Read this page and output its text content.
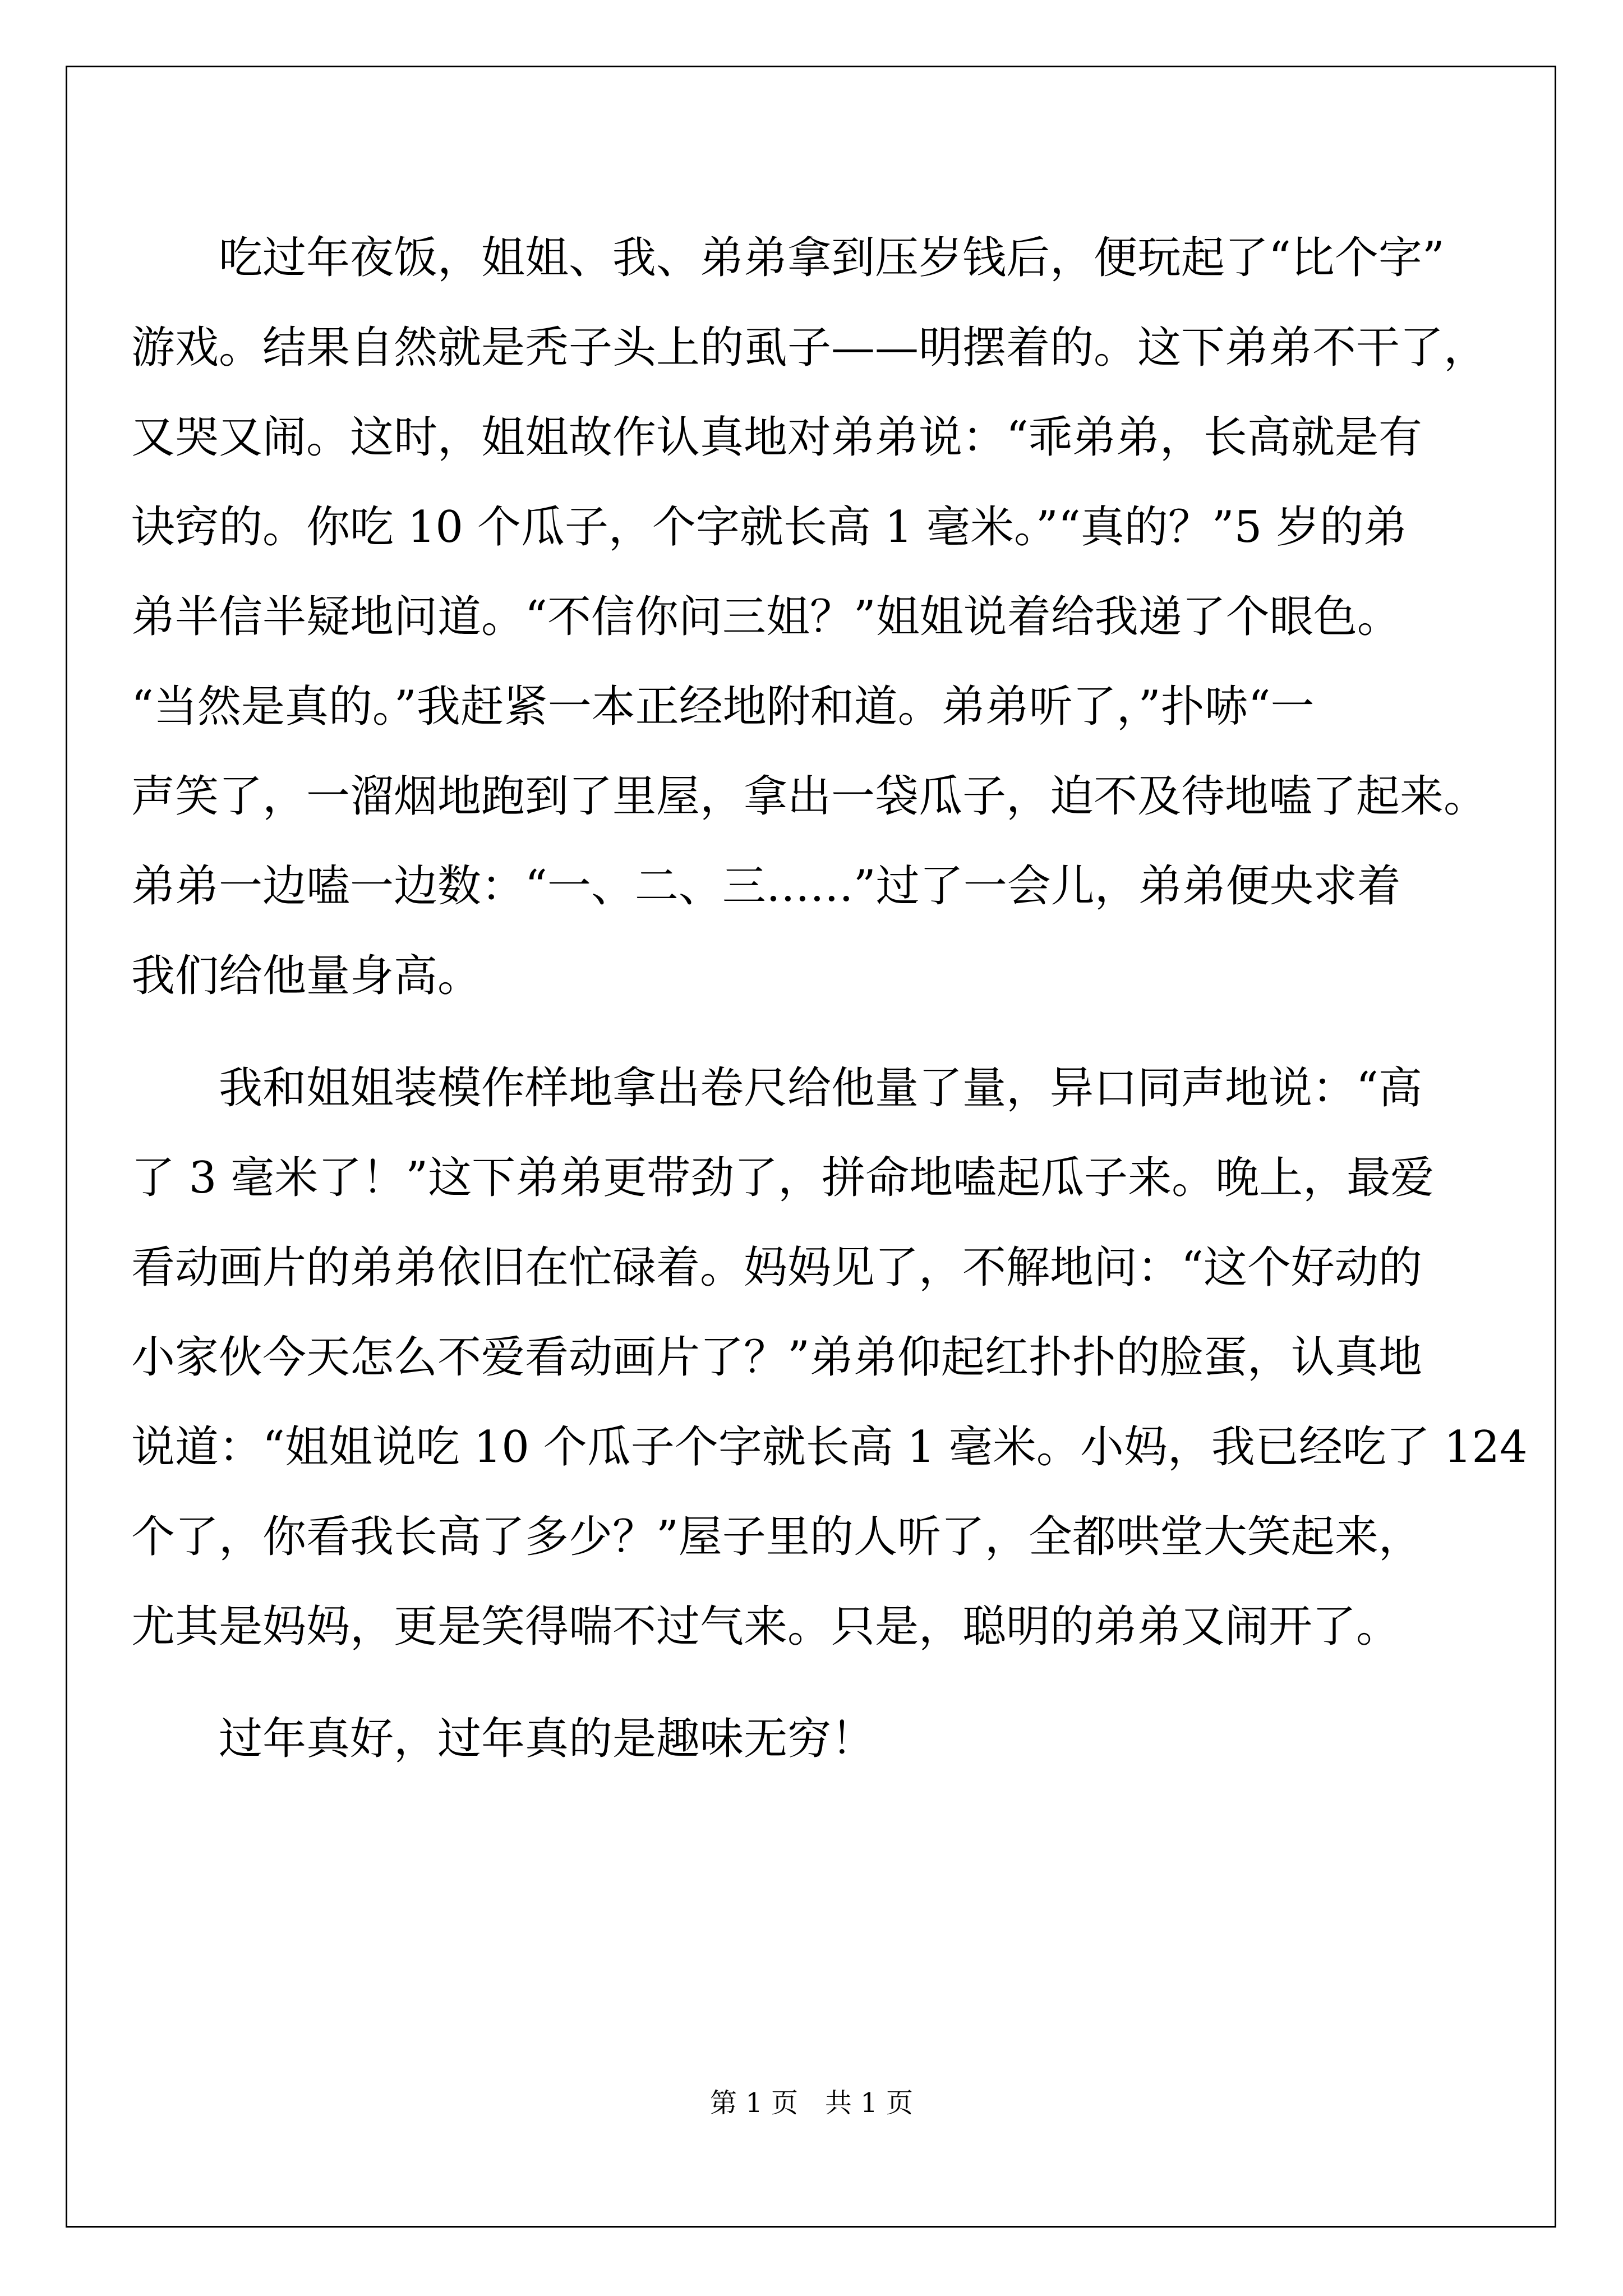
吃过年夜饭，姐姐、我、弟弟拿到压岁钱后，便玩起了“比个字”
游戏。结果自然就是秃子头上的虱子——明摆着的。这下弟弟不干了，
又哭又闹。这时，姐姐故作认真地对弟弟说：“乖弟弟，长高就是有
诀窍的。你吃 10 个瓜子，个字就长高 1 毫米。”“真的？”5 岁的弟
弟半信半疑地问道。“不信你问三姐？”姐姐说着给我递了个眼色。
“当然是真的。”我赶紧一本正经地附和道。弟弟听了，”扑哧“一
声笑了，一溜烟地跑到了里屋，拿出一袋瓜子，迫不及待地嗑了起来。
弟弟一边嗑一边数：“一、二、三……”过了一会儿，弟弟便央求着
我们给他量身高。
我和姐姐装模作样地拿出卷尺给他量了量，异口同声地说：“高
了 3 毫米了！”这下弟弟更带劲了，拼命地嗑起瓜子来。晚上，最爱
看动画片的弟弟依旧在忙碌着。妈妈见了，不解地问：“这个好动的
小家伙今天怎么不爱看动画片了？”弟弟仰起红扑扑的脸蛋，认真地
说道：“姐姐说吃 10 个瓜子个字就长高 1 毫米。小妈，我已经吃了 124
个了，你看我长高了多少？”屋子里的人听了，全都哄堂大笑起来，
尤其是妈妈，更是笑得喘不过气来。只是，聪明的弟弟又闹开了。
过年真好，过年真的是趣味无穷！
第 1 页 共 1 页
